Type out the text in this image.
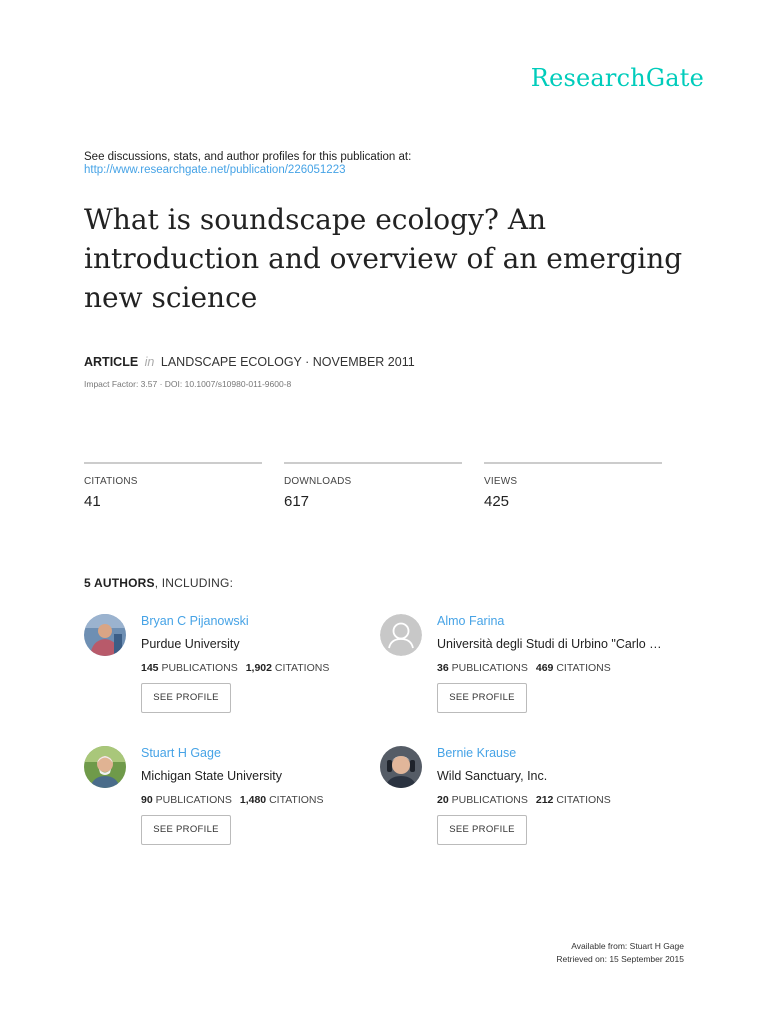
ResearchGate
See discussions, stats, and author profiles for this publication at:
http://www.researchgate.net/publication/226051223
What is soundscape ecology? An introduction and overview of an emerging new science
ARTICLE in LANDSCAPE ECOLOGY · NOVEMBER 2011
Impact Factor: 3.57 · DOI: 10.1007/s10980-011-9600-8
CITATIONS
41
DOWNLOADS
617
VIEWS
425
5 AUTHORS, INCLUDING:
Bryan C Pijanowski
Purdue University
145 PUBLICATIONS 1,902 CITATIONS
SEE PROFILE
Almo Farina
Università degli Studi di Urbino "Carlo …
36 PUBLICATIONS 469 CITATIONS
SEE PROFILE
Stuart H Gage
Michigan State University
90 PUBLICATIONS 1,480 CITATIONS
SEE PROFILE
Bernie Krause
Wild Sanctuary, Inc.
20 PUBLICATIONS 212 CITATIONS
SEE PROFILE
Available from: Stuart H Gage
Retrieved on: 15 September 2015
